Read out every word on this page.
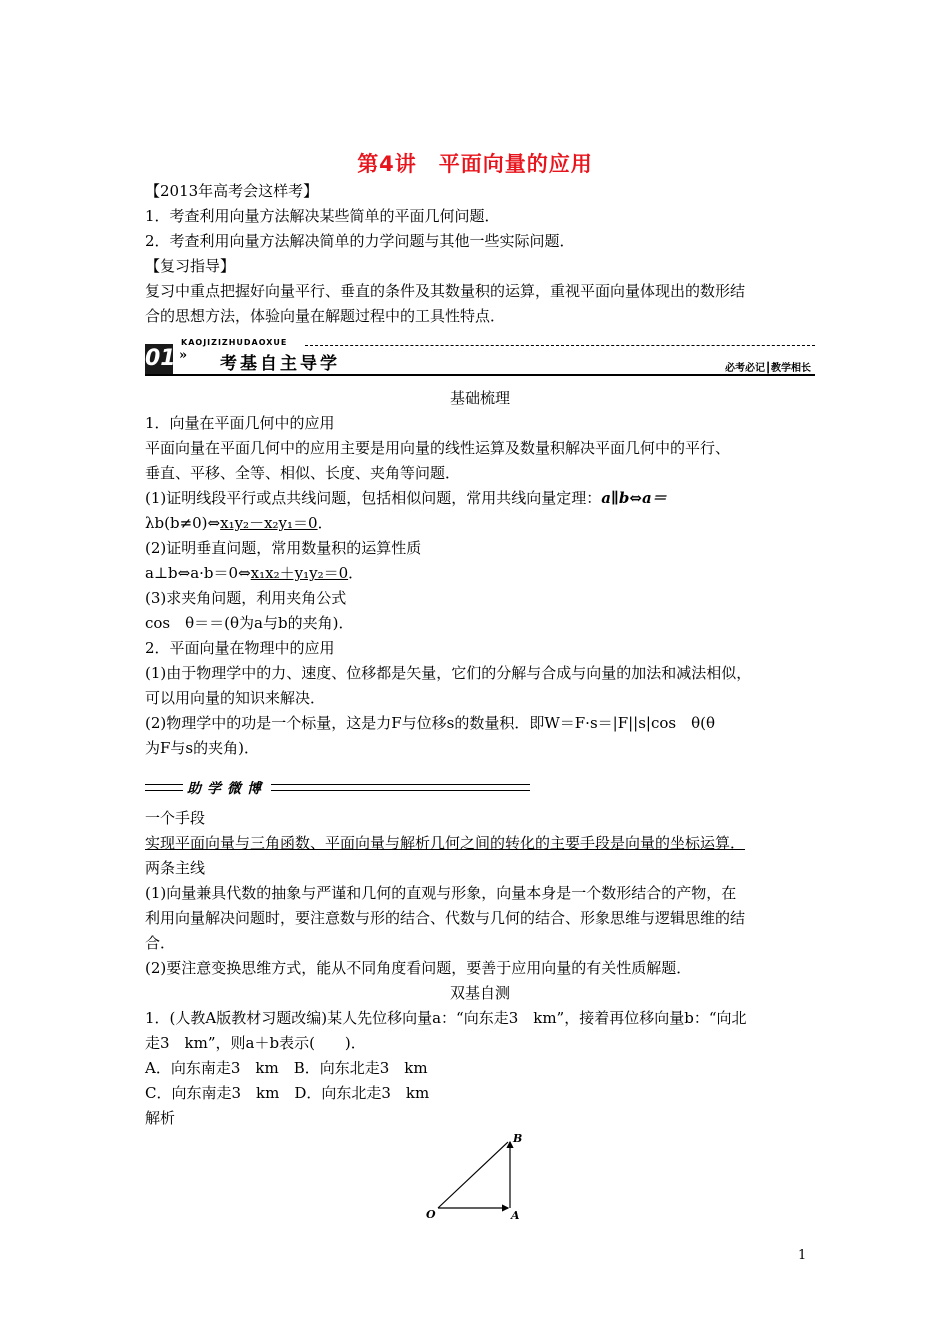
第4讲　平面向量的应用
【2013年高考会这样考】
1．考查利用向量方法解决某些简单的平面几何问题．
2．考查利用向量方法解决简单的力学问题与其他一些实际问题．
【复习指导】
复习中重点把握好向量平行、垂直的条件及其数量积的运算，重视平面向量体现出的数形结
合的思想方法，体验向量在解题过程中的工具性特点．
KAOJIZIZHUDAOXUE
01 » 考基自主导学	必考必记┃教学相长
基础梳理
1．向量在平面几何中的应用
平面向量在平面几何中的应用主要是用向量的线性运算及数量积解决平面几何中的平行、
垂直、平移、全等、相似、长度、夹角等问题．
(1)证明线段平行或点共线问题，包括相似问题，常用共线向量定理：a∥b⇔a＝
λb(b≠0)⇔x₁y₂－x₂y₁＝0．
(2)证明垂直问题，常用数量积的运算性质
a⊥b⇔a·b＝0⇔x₁x₂＋y₁y₂＝0．
(3)求夹角问题，利用夹角公式
cos　θ＝＝(θ为a与b的夹角)．
2．平面向量在物理中的应用
(1)由于物理学中的力、速度、位移都是矢量，它们的分解与合成与向量的加法和减法相似，
可以用向量的知识来解决．
(2)物理学中的功是一个标量，这是力F与位移s的数量积．即W＝F·s＝|F||s|cos　θ(θ
为F与s的夹角)．
助学微博
一个手段
实现平面向量与三角函数、平面向量与解析几何之间的转化的主要手段是向量的坐标运算．
两条主线
(1)向量兼具代数的抽象与严谨和几何的直观与形象，向量本身是一个数形结合的产物，在
利用向量解决问题时，要注意数与形的结合、代数与几何的结合、形象思维与逻辑思维的结
合．
(2)要注意变换思维方式，能从不同角度看问题，要善于应用向量的有关性质解题．
双基自测
1．(人教A版教材习题改编)某人先位移向量a：“向东走3　km”，接着再位移向量b：“向北
走3　km”，则a＋b表示(　　)．
A．向东南走3　km　B．向东北走3　km
C．向东南走3　km　D．向东北走3　km
解析
O	A
B
1
